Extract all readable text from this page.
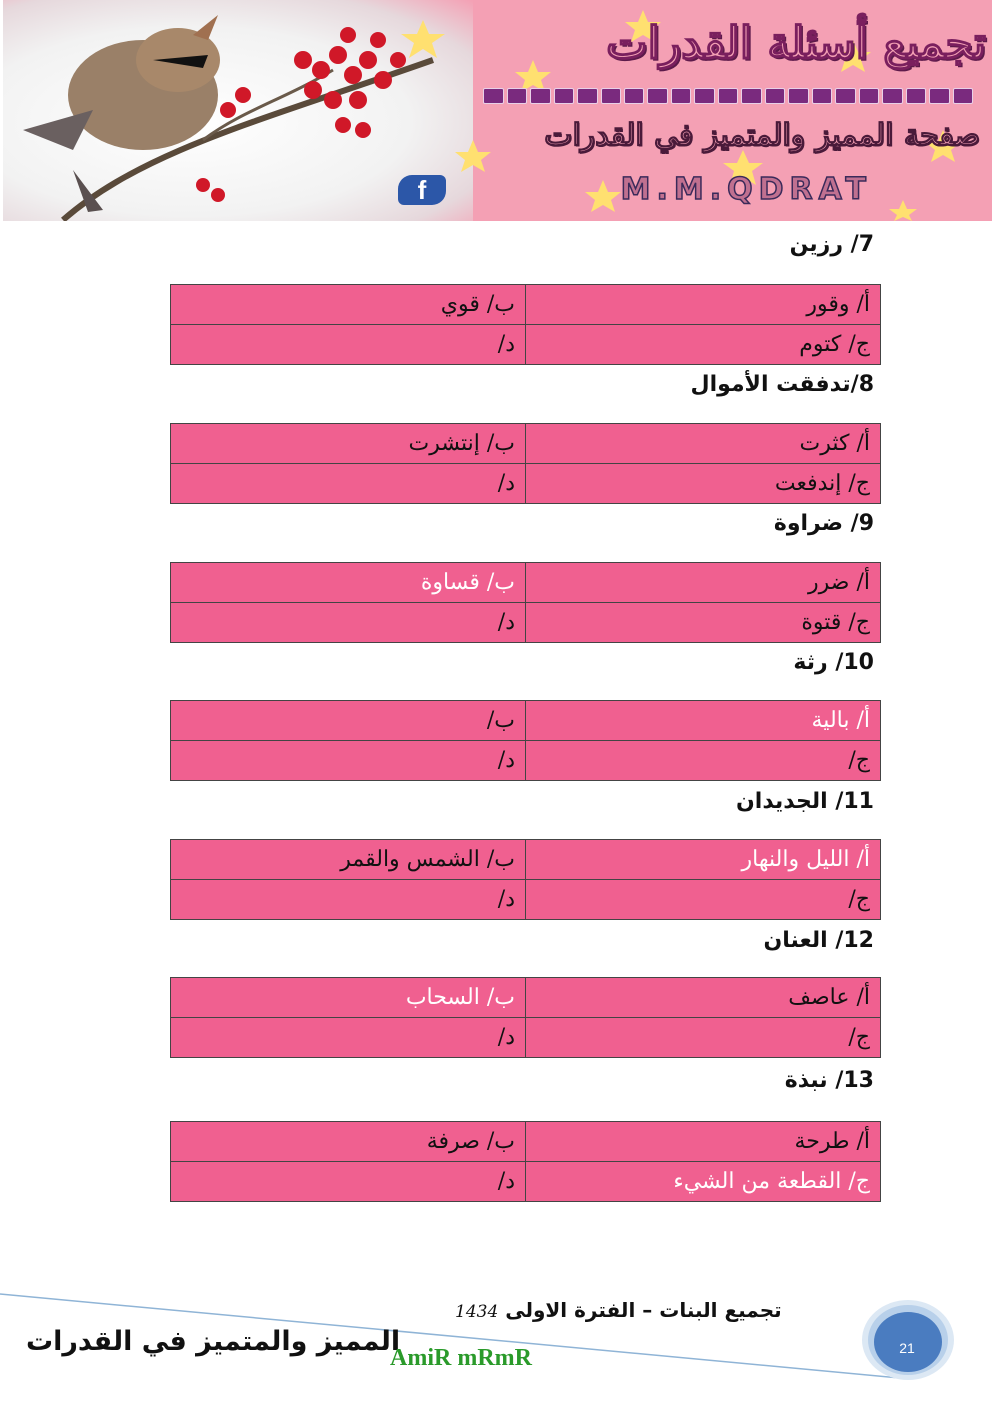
تجميع أسئلة القدرات
صفحة المميز والمتميز في القدرات
f	M.M.QDRAT
7/ رزين
أ/ وقور	ب/ قوي
ج/ كتوم	د/
8/تدفقت الأموال
أ/ كثرت	ب/ إنتشرت
ج/ إندفعت	د/
9/ ضراوة
أ/ ضرر	ب/ قساوة
ج/ قتوة	د/
10/ رثة
أ/ بالية	ب/
ج/	د/
11/ الجديدان
أ/ الليل والنهار	ب/ الشمس والقمر
ج/	د/
12/ العنان
أ/ عاصف	ب/ السحاب
ج/	د/
13/ نبذة
أ/ طرحة	ب/ صرفة
ج/ القطعة من الشيء	د/
تجميع البنات – الفترة الاولى 1434
المميز والمتميز في القدرات
AmiR mRmR	21
